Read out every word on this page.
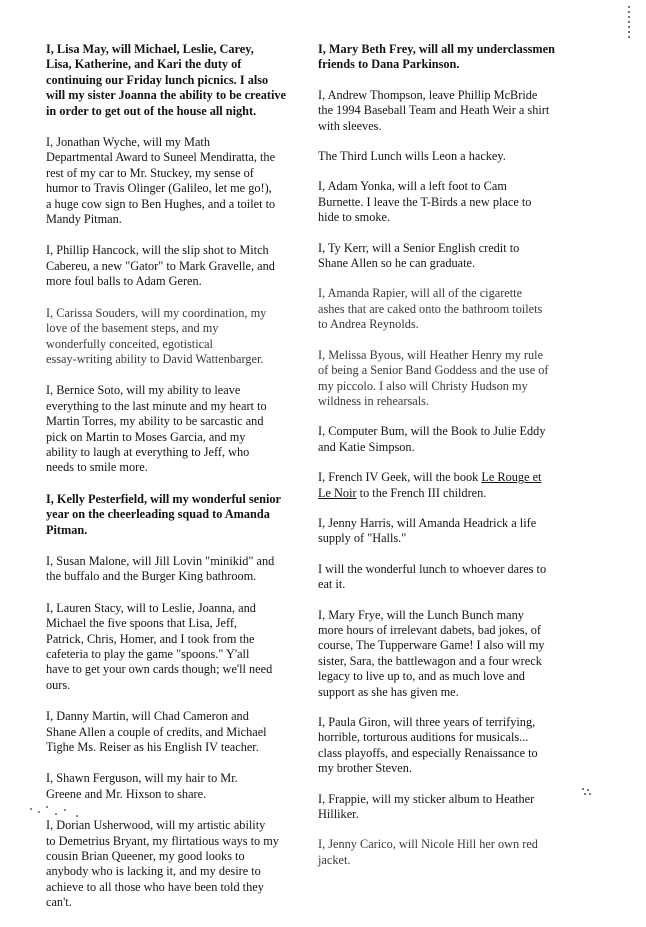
I, Lisa May, will Michael, Leslie, Carey,
Lisa, Katherine, and Kari the duty of
continuing our Friday lunch picnics. I also
will my sister Joanna the ability to be creative
in order to get out of the house all night.

I, Jonathan Wyche, will my Math
Departmental Award to Suneel Mendiratta, the
rest of my car to Mr. Stuckey, my sense of
humor to Travis Olinger (Galileo, let me go!),
a huge cow sign to Ben Hughes, and a toilet to
Mandy Pitman.

I, Phillip Hancock, will the slip shot to Mitch
Cabereu, a new "Gator" to Mark Gravelle, and
more foul balls to Adam Geren.

I, Carissa Souders, will my coordination, my
love of the basement steps, and my
wonderfully conceited, egotistical
essay-writing ability to David Wattenbarger.

I, Bernice Soto, will my ability to leave
everything to the last minute and my heart to
Martin Torres, my ability to be sarcastic and
pick on Martin to Moses Garcia, and my
ability to laugh at everything to Jeff, who
needs to smile more.

I, Kelly Pesterfield, will my wonderful senior
year on the cheerleading squad to Amanda
Pitman.

I, Susan Malone, will Jill Lovin "minikid" and
the buffalo and the Burger King bathroom.

I, Lauren Stacy, will to Leslie, Joanna, and
Michael the five spoons that Lisa, Jeff,
Patrick, Chris, Homer, and I took from the
cafeteria to play the game "spoons." Y'all
have to get your own cards though; we'll need
ours.

I, Danny Martin, will Chad Cameron and
Shane Allen a couple of credits, and Michael
Tighe Ms. Reiser as his English IV teacher.

I, Shawn Ferguson, will my hair to Mr.
Greene and Mr. Hixson to share.

I, Dorian Usherwood, will my artistic ability
to Demetrius Bryant, my flirtatious ways to my
cousin Brian Queener, my good looks to
anybody who is lacking it, and my desire to
achieve to all those who have been told they
can't.

I, Mary Beth Frey, will all my underclassmen
friends to Dana Parkinson.

I, Andrew Thompson, leave Phillip McBride
the 1994 Baseball Team and Heath Weir a shirt
with sleeves.

The Third Lunch wills Leon a hackey.

I, Adam Yonka, will a left foot to Cam
Burnette. I leave the T-Birds a new place to
hide to smoke.

I, Ty Kerr, will a Senior English credit to
Shane Allen so he can graduate.

I, Amanda Rapier, will all of the cigarette
ashes that are caked onto the bathroom toilets
to Andrea Reynolds.

I, Melissa Byous, will Heather Henry my rule
of being a Senior Band Goddess and the use of
my piccolo. I also will Christy Hudson my
wildness in rehearsals.

I, Computer Bum, will the Book to Julie Eddy
and Katie Simpson.

I, French IV Geek, will the book Le Rouge et
Le Noir to the French III children.

I, Jenny Harris, will Amanda Headrick a life
supply of "Halls."

I will the wonderful lunch to whoever dares to
eat it.

I, Mary Frye, will the Lunch Bunch many
more hours of irrelevant dabets, bad jokes, of
course, The Tupperware Game! I also will my
sister, Sara, the battlewagon and a four wreck
legacy to live up to, and as much love and
support as she has given me.

I, Paula Giron, will three years of terrifying,
horrible, torturous auditions for musicals...
class playoffs, and especially Renaissance to
my brother Steven.

I, Frappie, will my sticker album to Heather
Hilliker.

I, Jenny Carico, will Nicole Hill her own red
jacket.
